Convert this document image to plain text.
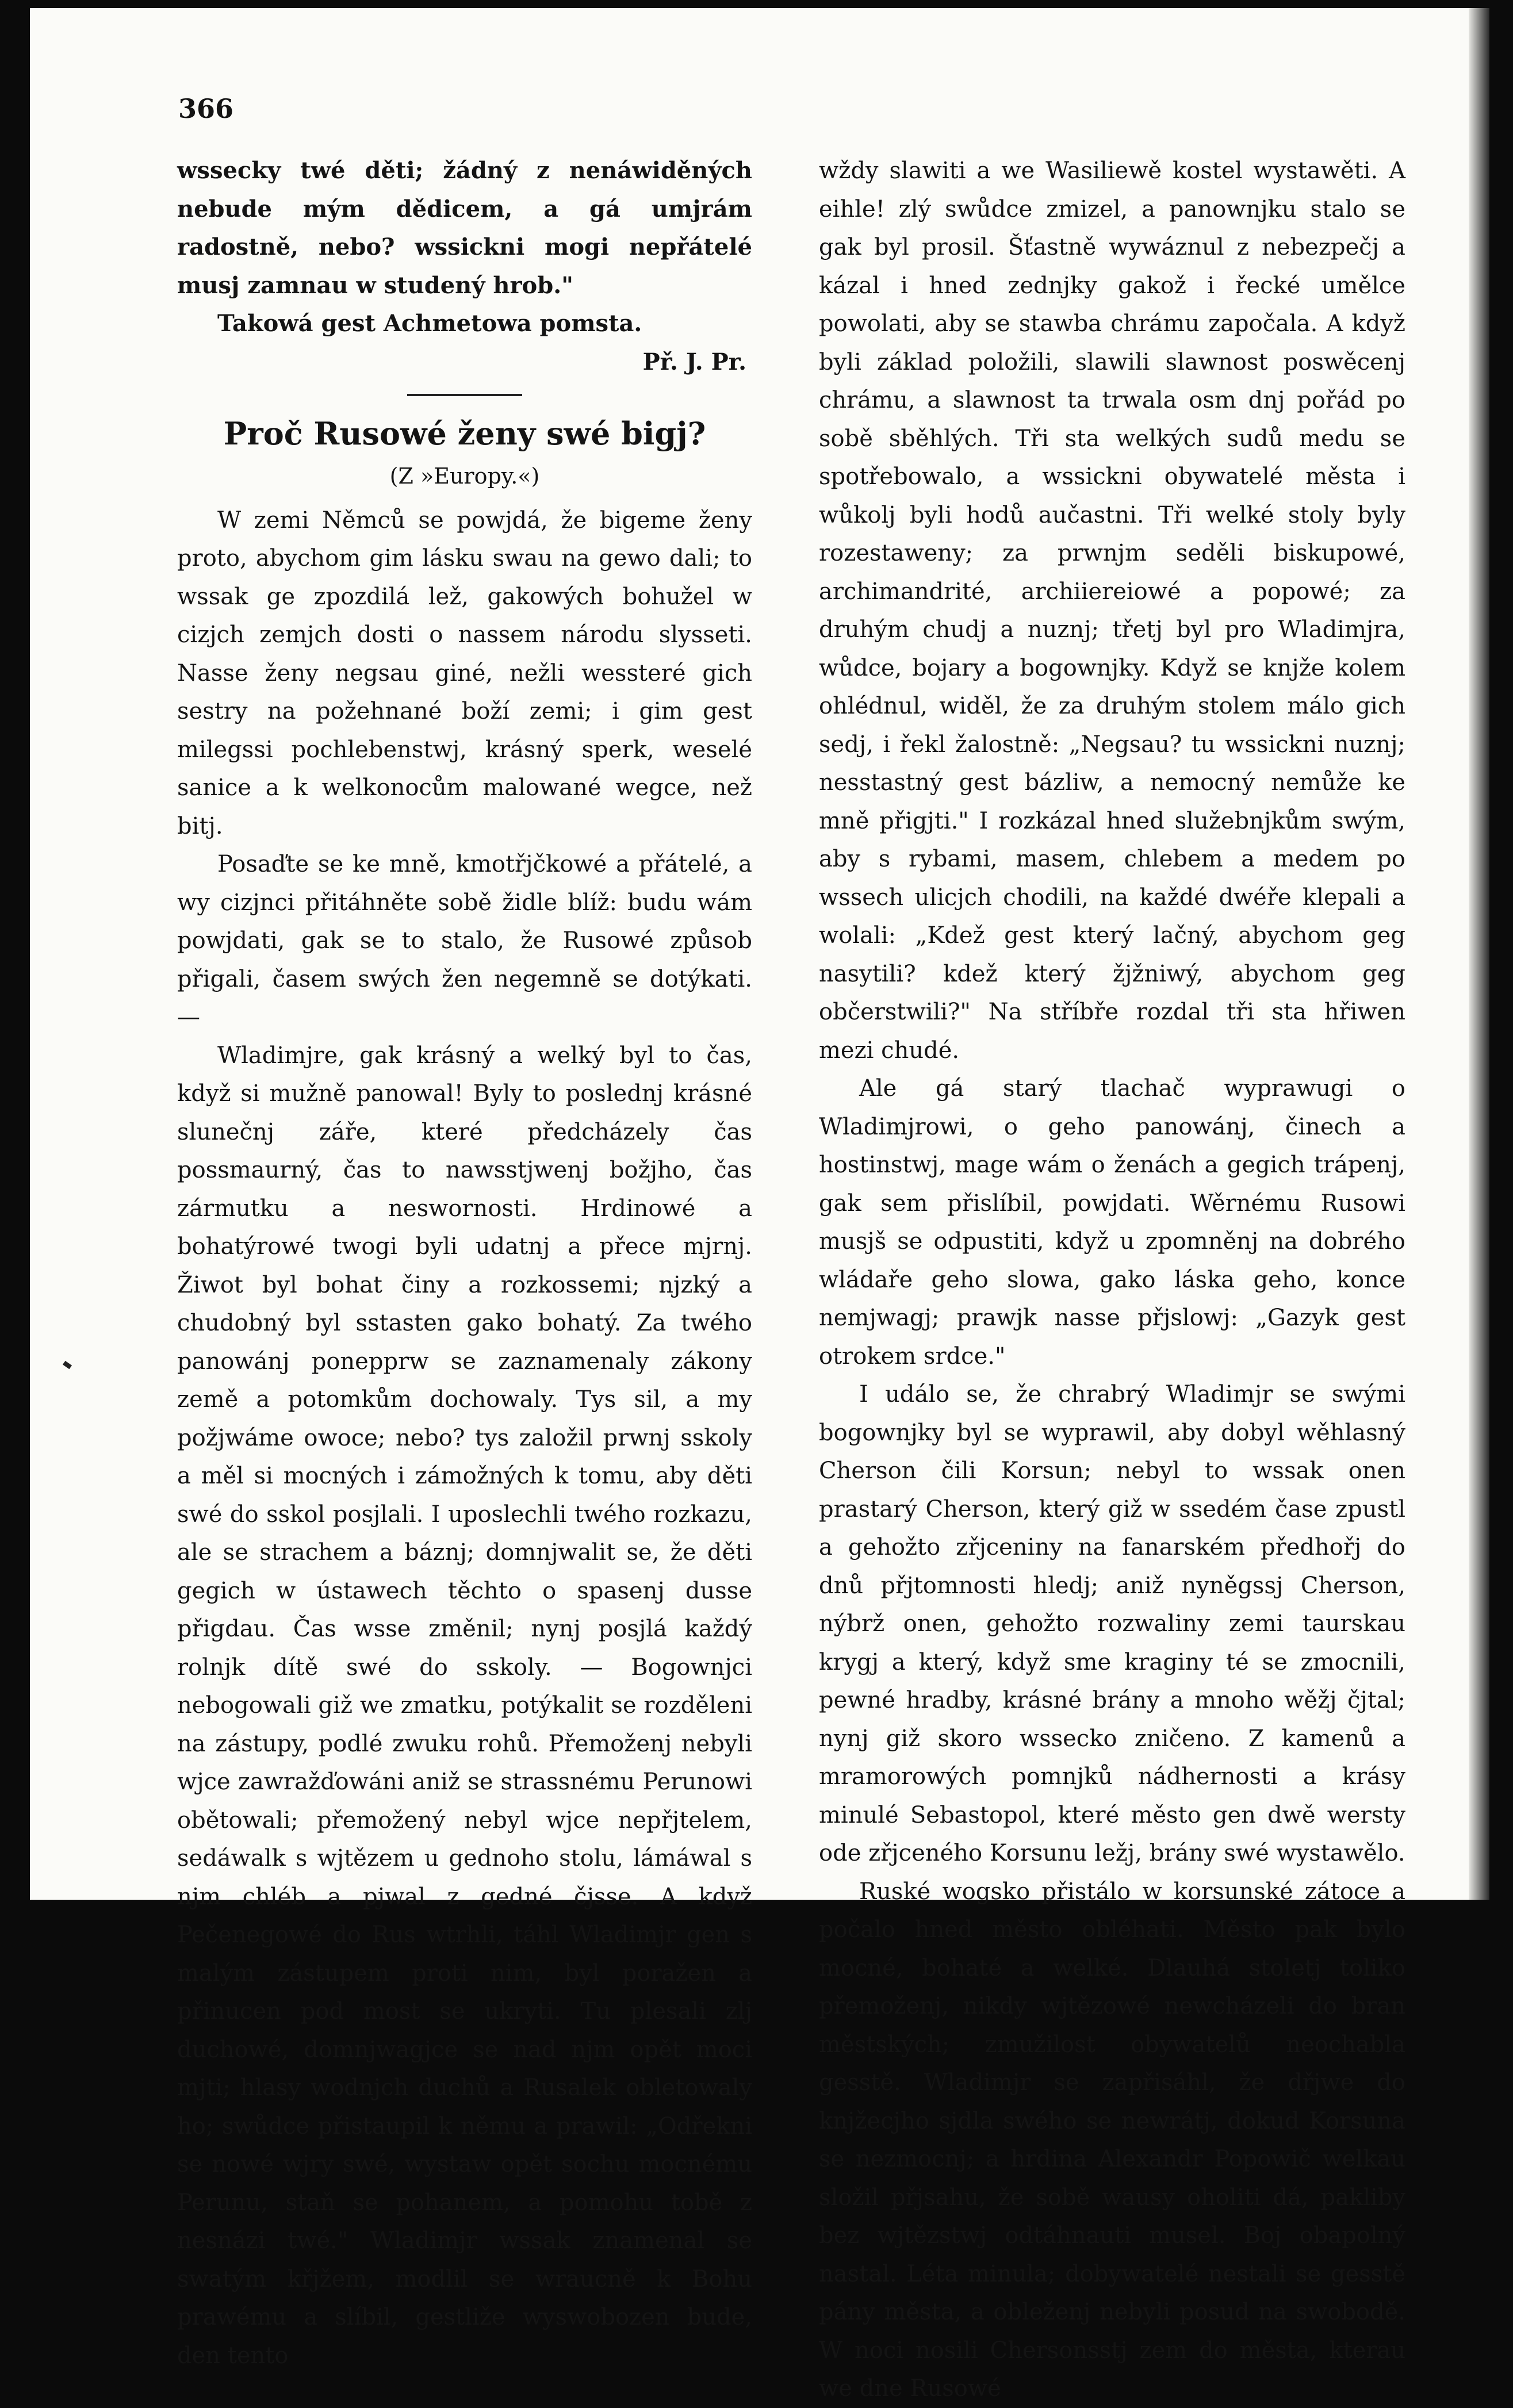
366

wssecky twé děti; žádný z nenáwiděných nebude mým dědicem, a gá umjrám radostně, nebo? wssickni mogi nepřátelé musj zamnau w studený hrob."

Takowá gest Achmetowa pomsta.

Př. J. Pr.

Proč Rusowé ženy swé bigj?
(Z »Europy.«)

W zemi Němců se powjdá, že bigeme ženy proto, abychom gim lásku swau na gewo dali; to wssak ge zpozdilá lež, gakowých bohužel w cizjch zemjch dosti o nassem národu slysseti. Nasse ženy negsau giné, nežli wessteré gich sestry na požehnané boží zemi; i gim gest milegssi pochlebenstwj, krásný sperk, weselé sanice a k welkonocům malowané wegce, než bitj.

Posaďte se ke mně, kmotřjčkowé a přátelé, a wy cizjnci přitáhněte sobě židle blíž: budu wám powjdati, gak se to stalo, že Rusowé způsob přigali, časem swých žen negemně se dotýkati. —

Wladimjre, gak krásný a welký byl to čas, když si mužně panowal! Byly to poslednj krásné slunečnj záře, které předcházely čas possmaurný, čas to nawsstjwenj božjho, čas zármutku a neswornosti. Hrdinowé a bohatýrowé twogi byli udatnj a přece mjrnj. Žiwot byl bohat činy a rozkossemi; njzký a chudobný byl sstasten gako bohatý. Za twého panowánj ponepprw se zaznamenaly zákony země a potomkům dochowaly. Tys sil, a my požjwáme owoce; nebo? tys založil prwnj sskoly a měl si mocných i zámožných k tomu, aby děti swé do sskol posjlali. I uposlechli twého rozkazu, ale se strachem a báznj; domnjwalit se, že děti gegich w ústawech těchto o spasenj dusse přigdau. Čas wsse změnil; nynj posjlá každý rolnjk dítě swé do sskoly. — Bogownjci nebogowali giž we zmatku, potýkalit se rozděleni na zástupy, podlé zwuku rohů. Přemoženj nebyli wjce zawražďowáni aniž se strassnému Perunowi obětowali; přemožený nebyl wjce nepřjtelem, sedáwalk s wjtězem u gednoho stolu, lámáwal s njm chléb a pjwal z gedné čjsse. A když Pečenegowé do Rus wtrhli, táhl Wladimjr gen s malým zástupem proti nim, byl poražen a přinucen pod most se ukryti. Tu plesali zlj duchowé, domnjwagjce se nad njm opět moci mjti; hlasy wodnjch duchů a Rusalek obletowaly ho; swůdce přistaupil k němu a prawil: „Odřekni se nowé wjry swé, wystaw opět sochu mocnému Perunu, staň se pohanem, a pomohu tobě z nesnázi twé." Wladimjr wssak znamenal se swatým křjžem, modlil se wraucně k Bohu prawému a slíbil, gestliže wyswobozen bude, den tento

wždy slawiti a we Wasiliewě kostel wystawěti. A eihle! zlý swůdce zmizel, a panownjku stalo se gak byl prosil. Šťastně wywáznul z nebezpečj a kázal i hned zednjky gakož i řecké umělce powolati, aby se stawba chrámu započala. A když byli základ položili, slawili slawnost poswěcenj chrámu, a slawnost ta trwala osm dnj pořád po sobě sběhlých. Tři sta welkých sudů medu se spotřebowalo, a wssickni obywatelé města i wůkolj byli hodů aučastni. Tři welké stoly byly rozestaweny; za prwnjm seděli biskupowé, archimandrité, archiiereiowé a popowé; za druhým chudj a nuznj; třetj byl pro Wladimjra, wůdce, bojary a bogownjky. Když se knjže kolem ohlédnul, widěl, že za druhým stolem málo gich sedj, i řekl žalostně: „Negsau? tu wssickni nuznj; nesstastný gest bázliw, a nemocný nemůže ke mně přigjti." I rozkázal hned služebnjkům swým, aby s rybami, masem, chlebem a medem po wssech ulicjch chodili, na každé dwéře klepali a wolali: „Kdež gest který lačný, abychom geg nasytili? kdež který žjžniwý, abychom geg občerstwili?" Na stříbře rozdal tři sta hřiwen mezi chudé.

Ale gá starý tlachač wyprawugi o Wladimjrowi, o geho panowánj, činech a hostinstwj, mage wám o ženách a gegich trápenj, gak sem přislíbil, powjdati. Wěrnému Rusowi musjš se odpustiti, když u zpomněnj na dobrého wládaře geho slowa, gako láska geho, konce nemjwagj; prawjk nasse přjslowj: „Gazyk gest otrokem srdce."

I událo se, že chrabrý Wladimjr se swými bogownjky byl se wyprawil, aby dobyl wěhlasný Cherson čili Korsun; nebyl to wssak onen prastarý Cherson, který giž w ssedém čase zpustl a gehožto zřjceniny na fanarském předhořj do dnů přjtomnosti hledj; aniž nyněgssj Cherson, nýbrž onen, gehožto rozwaliny zemi taurskau krygj a který, když sme kraginy té se zmocnili, pewné hradby, krásné brány a mnoho wěžj čjtal; nynj giž skoro wssecko zničeno. Z kamenů a mramorowých pomnjků nádhernosti a krásy minulé Sebastopol, které město gen dwě wersty ode zřjceného Korsunu ležj, brány swé wystawělo.

Ruské wogsko přistálo w korsunské zátoce a počalo hned město obléhati. Město pak bylo mocné, bohaté a welké. Dlauhá stoletj toliko přemoženj, nikdy wjtězowé newcházeli do bran městských; zmužilost obywatelů neochabla gesstě. Wladimjr se zapřisáhl, že dřjwe do knjžecjho sjdla swého se newrátj, dokud Korsuna se nezmocnj; a hrdina Alexandr Popowič welkau složil přjsahu, že sobě wausy oholiti dá, pakliby bez wjtězstwj odtáhnauti musel. Boj obapolný nastal. Léta minula; dobywatelé nestali se gesstě pány města, a obleženj nebyli posud na swobodě. W noci nosili Chersonsstj zem do města, kterau we dne Rusowé
